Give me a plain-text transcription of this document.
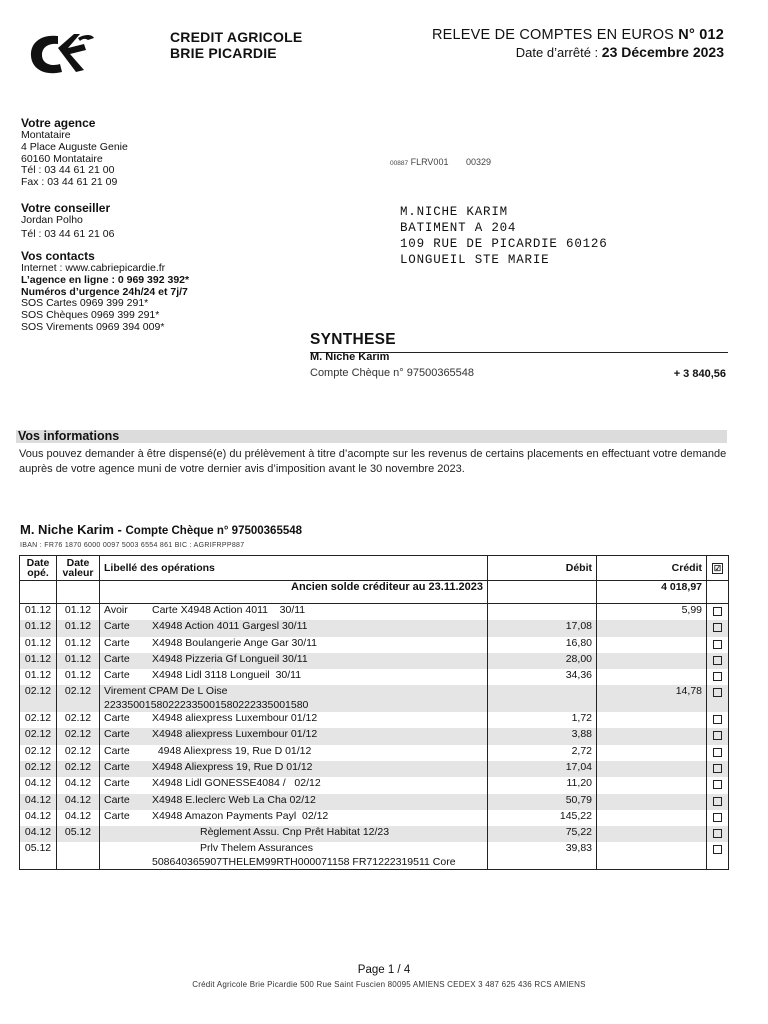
CREDIT AGRICOLE
BRIE PICARDIE
RELEVE DE COMPTES EN EUROS N° 012
Date d’arrêté : 23 Décembre 2023
Votre agence
Montataire
4 Place Auguste Genie
60160 Montataire
Tél : 03 44 61 21 00
Fax : 03 44 61 21 09
Votre conseiller
Jordan Polho
Tél : 03 44 61 21 06
Vos contacts
Internet : www.cabriepicardie.fr
L’agence en ligne : 0 969 392 392*
Numéros d’urgence 24h/24 et 7j/7
SOS Cartes 0969 399 291*
SOS Chèques 0969 399 291*
SOS Virements 0969 394 009*
00887 FLRV001 00329
M.NICHE KARIM
BATIMENT A 204
109 RUE DE PICARDIE 60126
LONGUEIL STE MARIE
SYNTHESE
M. Niche Karim
Compte Chèque n° 97500365548	+ 3 840,56
Vos informations
Vous pouvez demander à être dispensé(e) du prélèvement à titre d’acompte sur les revenus de certains placements en effectuant votre demande auprès de votre agence muni de votre dernier avis d’imposition avant le 30 novembre 2023.
M. Niche Karim - Compte Chèque n° 97500365548
IBAN : FR76 1870 6000 0097 5003 6554 861 BIC : AGRIFRPP887
Date opé.	Date valeur	Libellé des opérations	Débit	Crédit	☑
		Ancien solde créditeur au 23.11.2023		4 018,97	
01.12	01.12	Avoir Carte X4948 Action 4011    30/11		5,99	
01.12	01.12	Carte X4948 Action 4011 Gargesl 30/11	17,08		
01.12	01.12	Carte X4948 Boulangerie Ange Gar 30/11	16,80		
01.12	01.12	Carte X4948 Pizzeria Gf Longueil 30/11	28,00		
01.12	01.12	Carte X4948 Lidl 3118 Longueil  30/11	34,36		
02.12	02.12	Virement CPAM De L Oise
22335001580222335001580222335001580		14,78	
02.12	02.12	Carte X4948 aliexpress Luxembour 01/12	1,72		
02.12	02.12	Carte X4948 aliexpress Luxembour 01/12	3,88		
02.12	02.12	Carte  4948 Aliexpress 19, Rue D 01/12	2,72		
02.12	02.12	Carte X4948 Aliexpress 19, Rue D 01/12	17,04		
04.12	04.12	Carte X4948 Lidl GONESSE4084 /   02/12	11,20		
04.12	04.12	Carte X4948 E.leclerc Web La Cha 02/12	50,79		
04.12	04.12	Carte X4948 Amazon Payments Payl  02/12	145,22		
04.12	05.12	Règlement Assu. Cnp Prêt Habitat 12/23	75,22		
05.12		Prlv Thelem Assurances
508640365907THELEM99RTH000071158 FR71222319511 Core	39,83		
Page 1 / 4
Crédit Agricole Brie Picardie 500 Rue Saint Fuscien 80095 AMIENS CEDEX 3 487 625 436 RCS AMIENS
